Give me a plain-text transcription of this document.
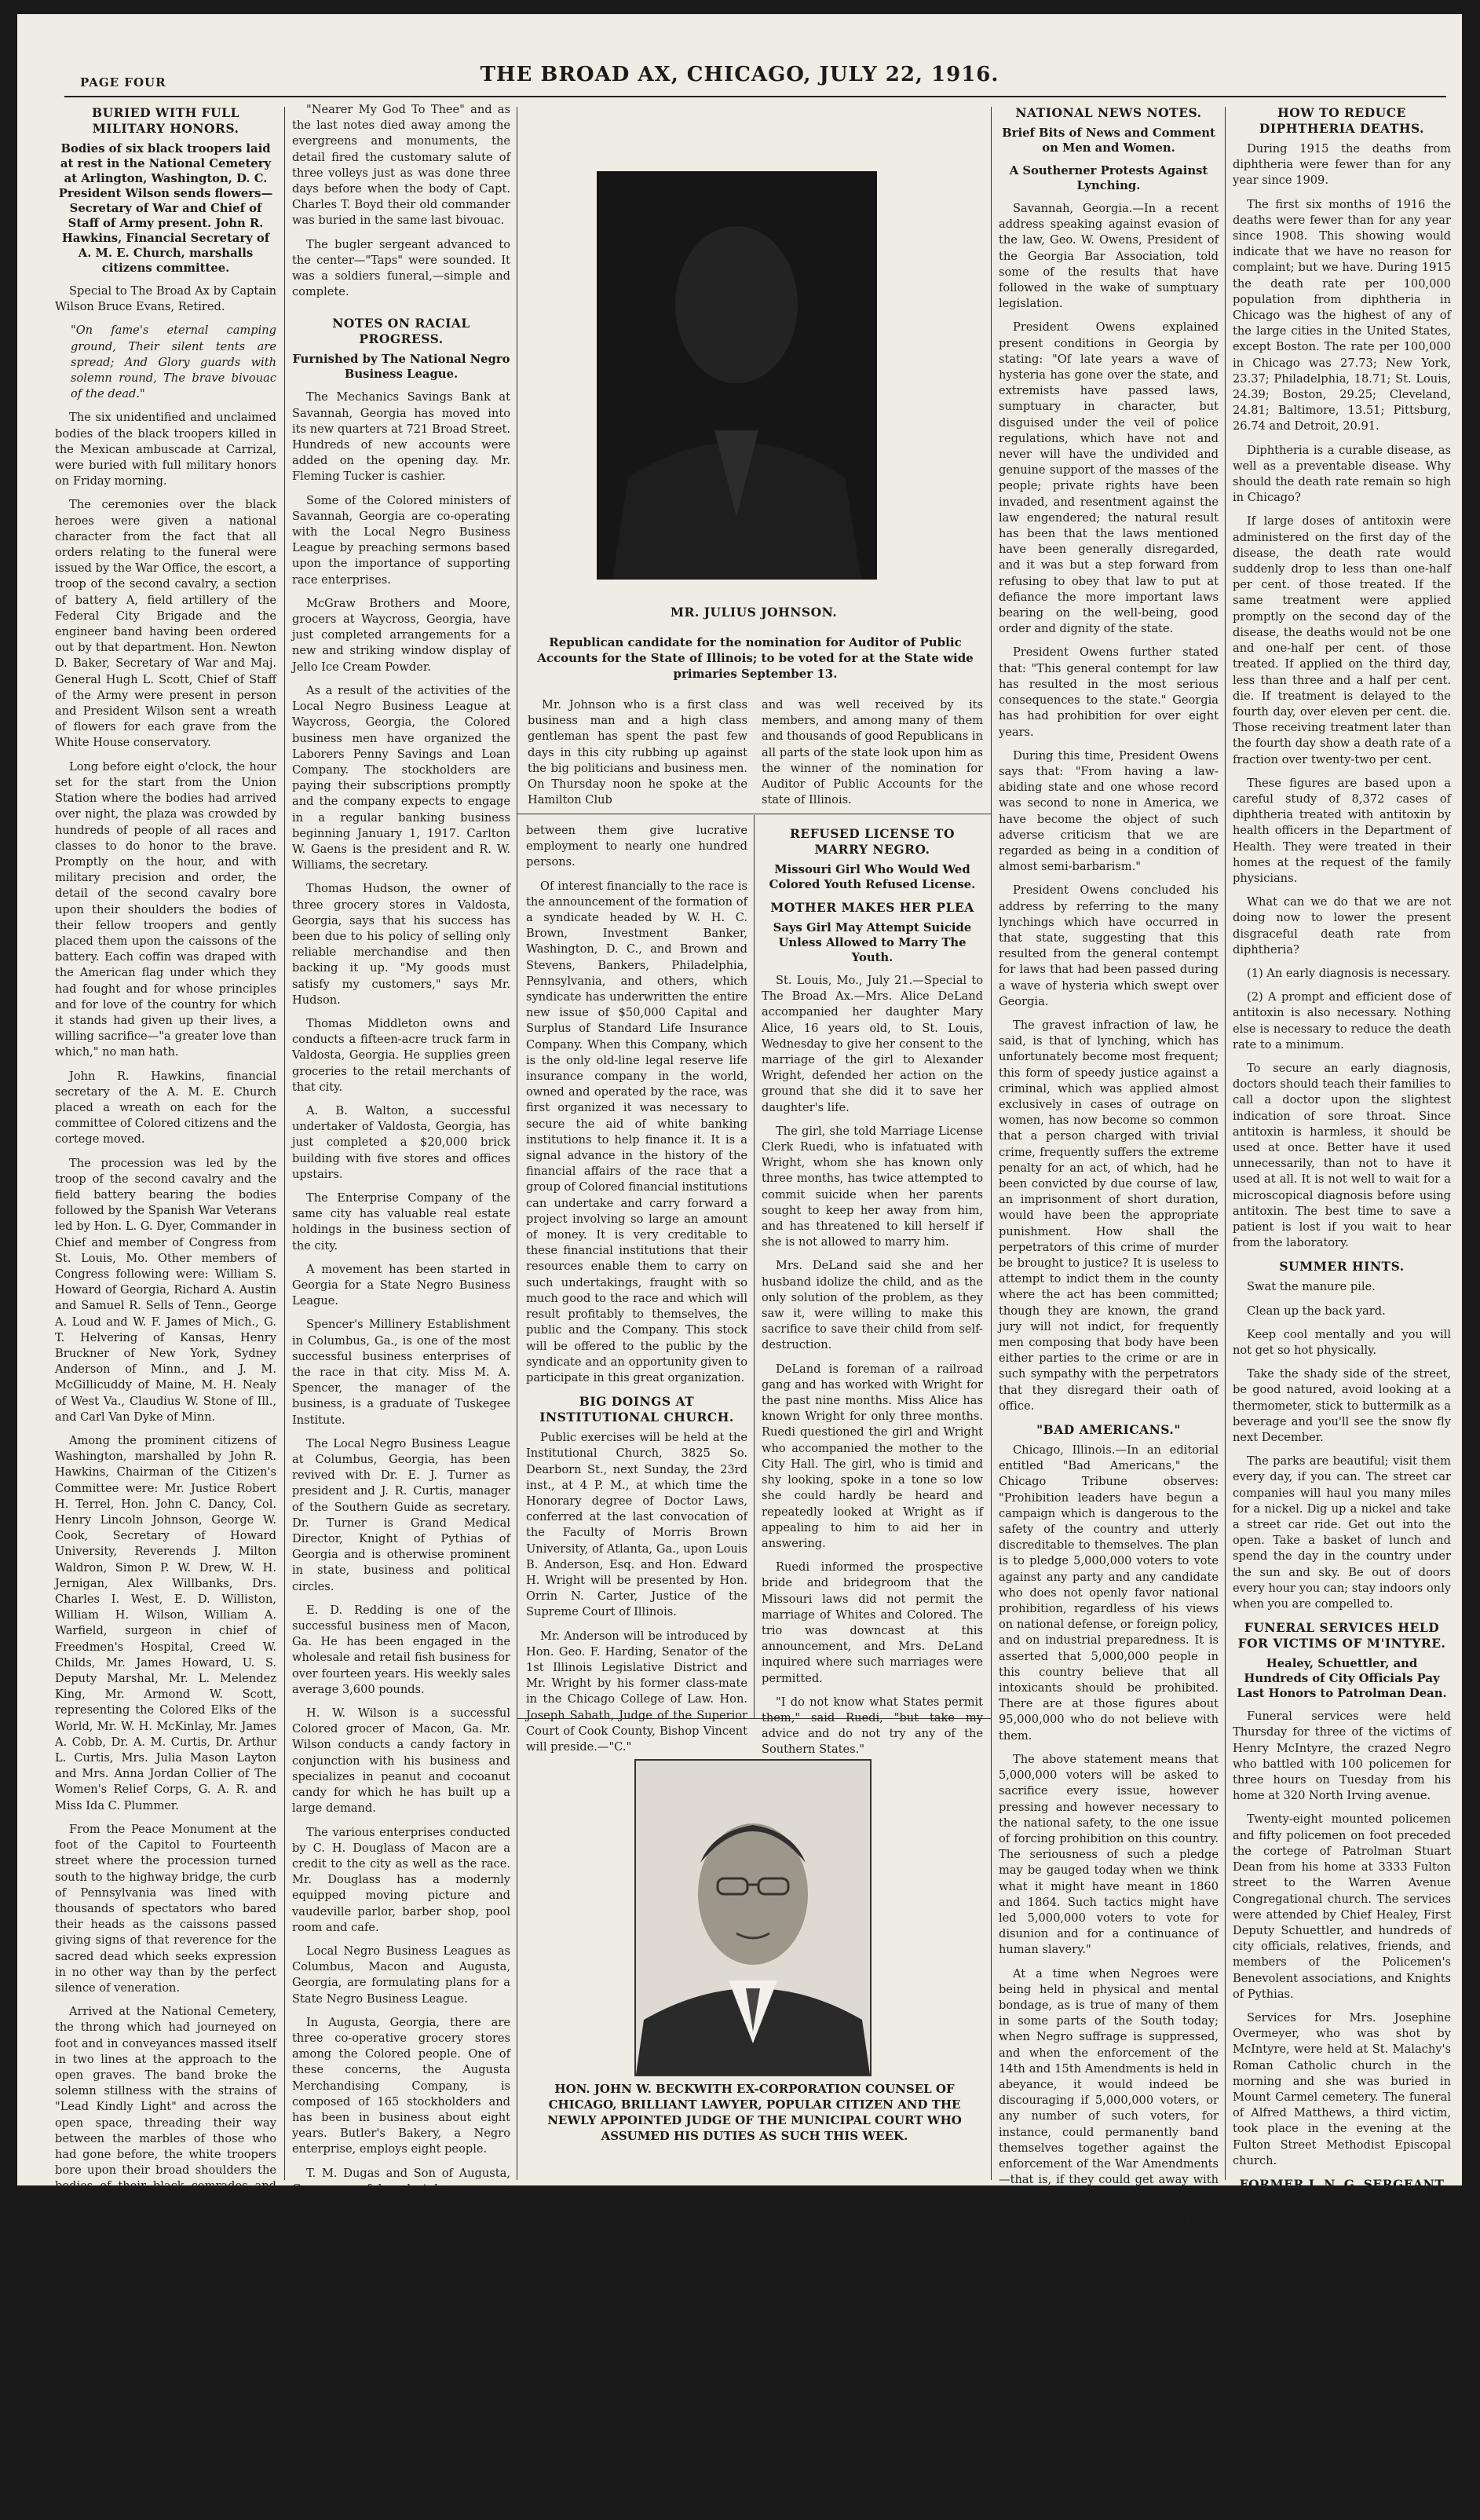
PAGE FOUR	THE BROAD AX, CHICAGO, JULY 22, 1916.
BURIED WITH FULL MILITARY HONORS.
Bodies of six black troopers laid at rest in the National Cemetery at Arlington, Washington, D. C. President Wilson sends flowers—Secretary of War and Chief of Staff of Army present. John R. Hawkins, Financial Secretary of A. M. E. Church, marshalls citizens committee.
Special to The Broad Ax by Captain Wilson Bruce Evans, Retired.
"On fame's eternal camping ground, Their silent tents are spread; And Glory guards with solemn round, The brave bivouac of the dead."
The six unidentified and unclaimed bodies of the black troopers killed in the Mexican ambuscade at Carrizal, were buried with full military honors on Friday morning.
The ceremonies over the black heroes were given a national character from the fact that all orders relating to the funeral were issued by the War Office, the escort, a troop of the second cavalry, a section of battery A, field artillery of the Federal City Brigade and the engineer band having been ordered out by that department. Hon. Newton D. Baker, Secretary of War and Maj. General Hugh L. Scott, Chief of Staff of the Army were present in person and President Wilson sent a wreath of flowers for each grave from the White House conservatory.
Long before eight o'clock, the hour set for the start from the Union Station where the bodies had arrived over night, the plaza was crowded by hundreds of people of all races and classes to do honor to the brave. Promptly on the hour, and with military precision and order, the detail of the second cavalry bore upon their shoulders the bodies of their fellow troopers and gently placed them upon the caissons of the battery. Each coffin was draped with the American flag under which they had fought and for whose principles and for love of the country for which it stands had given up their lives, a willing sacrifice—"a greater love than which," no man hath.
John R. Hawkins, financial secretary of the A. M. E. Church placed a wreath on each for the committee of Colored citizens and the cortege moved.
The procession was led by the troop of the second cavalry and the field battery bearing the bodies followed by the Spanish War Veterans led by Hon. L. G. Dyer, Commander in Chief and member of Congress from St. Louis, Mo. Other members of Congress following were: William S. Howard of Georgia, Richard A. Austin and Samuel R. Sells of Tenn., George A. Loud and W. F. James of Mich., G. T. Helvering of Kansas, Henry Bruckner of New York, Sydney Anderson of Minn., and J. M. McGillicuddy of Maine, M. H. Nealy of West Va., Claudius W. Stone of Ill., and Carl Van Dyke of Minn.
Among the prominent citizens of Washington, marshalled by John R. Hawkins, Chairman of the Citizen's Committee were: Mr. Justice Robert H. Terrel, Hon. John C. Dancy, Col. Henry Lincoln Johnson, George W. Cook, Secretary of Howard University, Reverends J. Milton Waldron, Simon P. W. Drew, W. H. Jernigan, Alex Willbanks, Drs. Charles I. West, E. D. Williston, William H. Wilson, William A. Warfield, surgeon in chief of Freedmen's Hospital, Creed W. Childs, Mr. James Howard, U. S. Deputy Marshal, Mr. L. Melendez King, Mr. Armond W. Scott, representing the Colored Elks of the World, Mr. W. H. McKinlay, Mr. James A. Cobb, Dr. A. M. Curtis, Dr. Arthur L. Curtis, Mrs. Julia Mason Layton and Mrs. Anna Jordan Collier of The Women's Relief Corps, G. A. R. and Miss Ida C. Plummer.
From the Peace Monument at the foot of the Capitol to Fourteenth street where the procession turned south to the highway bridge, the curb of Pennsylvania was lined with thousands of spectators who bared their heads as the caissons passed giving signs of that reverence for the sacred dead which seeks expression in no other way than by the perfect silence of veneration.
Arrived at the National Cemetery, the throng which had journeyed on foot and in conveyances massed itself in two lines at the approach to the open graves. The band broke the solemn stillness with the strains of "Lead Kindly Light" and across the open space, threading their way between the marbles of those who had gone before, the white troopers bore upon their broad shoulders the bodies of their black comrades and tenderly deposited them, each over his own grave—the tent whose flap ne'er swings outward.
The bodies placed, the troopers lined in front of the people. Every head was bared as Chaplain G. Livingstone Bayard of the U. S. Navy stepping from the side of the War Secretary and the Chief of Staff, advanced to the center of the six open graves, reading as he walked in clear and vibrant voice—"I am the resurrection and the life"—that beautiful and sublime burial service of the Episcopal Church whose soul subduing pathos was evidenced in the misty eyes of all when the—"earth to earth, ashes to ashes, dust to dust" was said with the lowering of each to his long home. The band played
"Nearer My God To Thee" and as the last notes died away among the evergreens and monuments, the detail fired the customary salute of three volleys just as was done three days before when the body of Capt. Charles T. Boyd their old commander was buried in the same last bivouac.
The bugler sergeant advanced to the center—"Taps" were sounded. It was a soldiers funeral,—simple and complete.
NOTES ON RACIAL PROGRESS.
Furnished by The National Negro Business League.
The Mechanics Savings Bank at Savannah, Georgia has moved into its new quarters at 721 Broad Street. Hundreds of new accounts were added on the opening day. Mr. Fleming Tucker is cashier.
Some of the Colored ministers of Savannah, Georgia are co-operating with the Local Negro Business League by preaching sermons based upon the importance of supporting race enterprises.
McGraw Brothers and Moore, grocers at Waycross, Georgia, have just completed arrangements for a new and striking window display of Jello Ice Cream Powder.
As a result of the activities of the Local Negro Business League at Waycross, Georgia, the Colored business men have organized the Laborers Penny Savings and Loan Company. The stockholders are paying their subscriptions promptly and the company expects to engage in a regular banking business beginning January 1, 1917. Carlton W. Gaens is the president and R. W. Williams, the secretary.
Thomas Hudson, the owner of three grocery stores in Valdosta, Georgia, says that his success has been due to his policy of selling only reliable merchandise and then backing it up. "My goods must satisfy my customers," says Mr. Hudson.
Thomas Middleton owns and conducts a fifteen-acre truck farm in Valdosta, Georgia. He supplies green groceries to the retail merchants of that city.
A. B. Walton, a successful undertaker of Valdosta, Georgia, has just completed a $20,000 brick building with five stores and offices upstairs.
The Enterprise Company of the same city has valuable real estate holdings in the business section of the city.
A movement has been started in Georgia for a State Negro Business League.
Spencer's Millinery Establishment in Columbus, Ga., is one of the most successful business enterprises of the race in that city. Miss M. A. Spencer, the manager of the business, is a graduate of Tuskegee Institute.
The Local Negro Business League at Columbus, Georgia, has been revived with Dr. E. J. Turner as president and J. R. Curtis, manager of the Southern Guide as secretary. Dr. Turner is Grand Medical Director, Knight of Pythias of Georgia and is otherwise prominent in state, business and political circles.
E. D. Redding is one of the successful business men of Macon, Ga. He has been engaged in the wholesale and retail fish business for over fourteen years. His weekly sales average 3,600 pounds.
H. W. Wilson is a successful Colored grocer of Macon, Ga. Mr. Wilson conducts a candy factory in conjunction with his business and specializes in peanut and cocoanut candy for which he has built up a large demand.
The various enterprises conducted by C. H. Douglass of Macon are a credit to the city as well as the race. Mr. Douglass has a modernly equipped moving picture and vaudeville parlor, barber shop, pool room and cafe.
Local Negro Business Leagues as Columbus, Macon and Augusta, Georgia, are formulating plans for a State Negro Business League.
In Augusta, Georgia, there are three co-operative grocery stores among the Colored people. One of these concerns, the Augusta Merchandising Company, is composed of 165 stockholders and has been in business about eight years. Butler's Bakery, a Negro enterprise, employs eight people.
T. M. Dugas and Son of Augusta, Ga., successful undertakers carry a stock, not including the three-story brick building, which is valued at $10,000.
The Pilgrim Health and Life Insurance Co., and the Georgia Mutual Insurance, of which W. S. Hornsby and Shewell respectively are managers have their home offices in Augusta, Ga., and
MR. JULIUS JOHNSON.
Republican candidate for the nomination for Auditor of Public Accounts for the State of Illinois; to be voted for at the State wide primaries September 13.
Mr. Johnson who is a first class business man and a high class gentleman has spent the past few days in this city rubbing up against the big politicians and business men. On Thursday noon he spoke at the Hamilton Club
and was well received by its members, and among many of them and thousands of good Republicans in all parts of the state look upon him as the winner of the nomination for Auditor of Public Accounts for the state of Illinois.
between them give lucrative employment to nearly one hundred persons.
Of interest financially to the race is the announcement of the formation of a syndicate headed by W. H. C. Brown, Investment Banker, Washington, D. C., and Brown and Stevens, Bankers, Philadelphia, Pennsylvania, and others, which syndicate has underwritten the entire new issue of $50,000 Capital and Surplus of Standard Life Insurance Company. When this Company, which is the only old-line legal reserve life insurance company in the world, owned and operated by the race, was first organized it was necessary to secure the aid of white banking institutions to help finance it. It is a signal advance in the history of the financial affairs of the race that a group of Colored financial institutions can undertake and carry forward a project involving so large an amount of money. It is very creditable to these financial institutions that their resources enable them to carry on such undertakings, fraught with so much good to the race and which will result profitably to themselves, the public and the Company. This stock will be offered to the public by the syndicate and an opportunity given to participate in this great organization.
BIG DOINGS AT INSTITUTIONAL CHURCH.
Public exercises will be held at the Institutional Church, 3825 So. Dearborn St., next Sunday, the 23rd inst., at 4 P. M., at which time the Honorary degree of Doctor Laws, conferred at the last convocation of the Faculty of Morris Brown University, of Atlanta, Ga., upon Louis B. Anderson, Esq. and Hon. Edward H. Wright will be presented by Hon. Orrin N. Carter, Justice of the Supreme Court of Illinois.
Mr. Anderson will be introduced by Hon. Geo. F. Harding, Senator of the 1st Illinois Legislative District and Mr. Wright by his former class-mate in the Chicago College of Law. Hon. Joseph Sabath, Judge of the Superior Court of Cook County, Bishop Vincent will preside.—"C."
REFUSED LICENSE TO MARRY NEGRO.
Missouri Girl Who Would Wed Colored Youth Refused License.
MOTHER MAKES HER PLEA
Says Girl May Attempt Suicide Unless Allowed to Marry The Youth.
St. Louis, Mo., July 21.—Special to The Broad Ax.—Mrs. Alice DeLand accompanied her daughter Mary Alice, 16 years old, to St. Louis, Wednesday to give her consent to the marriage of the girl to Alexander Wright, defended her action on the ground that she did it to save her daughter's life.
The girl, she told Marriage License Clerk Ruedi, who is infatuated with Wright, whom she has known only three months, has twice attempted to commit suicide when her parents sought to keep her away from him, and has threatened to kill herself if she is not allowed to marry him.
Mrs. DeLand said she and her husband idolize the child, and as the only solution of the problem, as they saw it, were willing to make this sacrifice to save their child from self-destruction.
DeLand is foreman of a railroad gang and has worked with Wright for the past nine months. Miss Alice has known Wright for only three months. Ruedi questioned the girl and Wright who accompanied the mother to the City Hall. The girl, who is timid and shy looking, spoke in a tone so low she could hardly be heard and repeatedly looked at Wright as if appealing to him to aid her in answering.
Ruedi informed the prospective bride and bridegroom that the Missouri laws did not permit the marriage of Whites and Colored. The trio was downcast at this announcement, and Mrs. DeLand inquired where such marriages were permitted.
"I do not know what States permit them," said Ruedi, "but take my advice and do not try any of the Southern States."
HON. JOHN W. BECKWITH EX-CORPORATION COUNSEL OF CHICAGO, BRILLIANT LAWYER, POPULAR CITIZEN AND THE NEWLY APPOINTED JUDGE OF THE MUNICIPAL COURT WHO ASSUMED HIS DUTIES AS SUCH THIS WEEK.
NATIONAL NEWS NOTES.
Brief Bits of News and Comment on Men and Women.
A Southerner Protests Against Lynching.
Savannah, Georgia.—In a recent address speaking against evasion of the law, Geo. W. Owens, President of the Georgia Bar Association, told some of the results that have followed in the wake of sumptuary legislation.
President Owens explained present conditions in Georgia by stating: "Of late years a wave of hysteria has gone over the state, and extremists have passed laws, sumptuary in character, but disguised under the veil of police regulations, which have not and never will have the undivided and genuine support of the masses of the people; private rights have been invaded, and resentment against the law engendered; the natural result has been that the laws mentioned have been generally disregarded, and it was but a step forward from refusing to obey that law to put at defiance the more important laws bearing on the well-being, good order and dignity of the state.
President Owens further stated that: "This general contempt for law has resulted in the most serious consequences to the state." Georgia has had prohibition for over eight years.
During this time, President Owens says that: "From having a law-abiding state and one whose record was second to none in America, we have become the object of such adverse criticism that we are regarded as being in a condition of almost semi-barbarism."
President Owens concluded his address by referring to the many lynchings which have occurred in that state, suggesting that this resulted from the general contempt for laws that had been passed during a wave of hysteria which swept over Georgia.
The gravest infraction of law, he said, is that of lynching, which has unfortunately become most frequent; this form of speedy justice against a criminal, which was applied almost exclusively in cases of outrage on women, has now become so common that a person charged with trivial crime, frequently suffers the extreme penalty for an act, of which, had he been convicted by due course of law, an imprisonment of short duration, would have been the appropriate punishment. How shall the perpetrators of this crime of murder be brought to justice? It is useless to attempt to indict them in the county where the act has been committed; though they are known, the grand jury will not indict, for frequently men composing that body have been either parties to the crime or are in such sympathy with the perpetrators that they disregard their oath of office.
"BAD AMERICANS."
Chicago, Illinois.—In an editorial entitled "Bad Americans," the Chicago Tribune observes: "Prohibition leaders have begun a campaign which is dangerous to the safety of the country and utterly discreditable to themselves. The plan is to pledge 5,000,000 voters to vote against any party and any candidate who does not openly favor national prohibition, regardless of his views on national defense, or foreign policy, and on industrial preparedness. It is asserted that 5,000,000 people in this country believe that all intoxicants should be prohibited. There are at those figures about 95,000,000 who do not believe with them.
The above statement means that 5,000,000 voters will be asked to sacrifice every issue, however pressing and however necessary to the national safety, to the one issue of forcing prohibition on this country. The seriousness of such a pledge may be gauged today when we think what it might have meant in 1860 and 1864. Such tactics might have led 5,000,000 voters to vote for disunion and for a continuance of human slavery."
At a time when Negroes were being held in physical and mental bondage, as is true of many of them in some parts of the South today; when Negro suffrage is suppressed, and when the enforcement of the 14th and 15th Amendments is held in abeyance, it would indeed be discouraging if 5,000,000 voters, or any number of such voters, for instance, could permanently band themselves together against the enforcement of the War Amendments—that is, if they could get away with it!
ALPHA SUFFRAGE CLUB.
The Alpha Suffrage Club held a most successful lawn fete on the spacious lawn of the Y. W. C. A. Wednesday evening, July 19th. Many novel features were introduced and the Ways and Means Committee under the leadership of Dr. Emanuel feels that the movement was a great social as well as a financial success. Next meeting of the club will be a business one, the first Wednesday in August at the Reading Room, 3005 State St., at which time plans for annual outing will be presented.
Mrs. Ida B. Wells Barnett, Pres.
HOW TO REDUCE DIPHTHERIA DEATHS.
During 1915 the deaths from diphtheria were fewer than for any year since 1909.
The first six months of 1916 the deaths were fewer than for any year since 1908. This showing would indicate that we have no reason for complaint; but we have. During 1915 the death rate per 100,000 population from diphtheria in Chicago was the highest of any of the large cities in the United States, except Boston. The rate per 100,000 in Chicago was 27.73; New York, 23.37; Philadelphia, 18.71; St. Louis, 24.39; Boston, 29.25; Cleveland, 24.81; Baltimore, 13.51; Pittsburg, 26.74 and Detroit, 20.91.
Diphtheria is a curable disease, as well as a preventable disease. Why should the death rate remain so high in Chicago?
If large doses of antitoxin were administered on the first day of the disease, the death rate would suddenly drop to less than one-half per cent. of those treated. If the same treatment were applied promptly on the second day of the disease, the deaths would not be one and one-half per cent. of those treated. If applied on the third day, less than three and a half per cent. die. If treatment is delayed to the fourth day, over eleven per cent. die. Those receiving treatment later than the fourth day show a death rate of a fraction over twenty-two per cent.
These figures are based upon a careful study of 8,372 cases of diphtheria treated with antitoxin by health officers in the Department of Health. They were treated in their homes at the request of the family physicians.
What can we do that we are not doing now to lower the present disgraceful death rate from diphtheria?
(1) An early diagnosis is necessary.
(2) A prompt and efficient dose of antitoxin is also necessary. Nothing else is necessary to reduce the death rate to a minimum.
To secure an early diagnosis, doctors should teach their families to call a doctor upon the slightest indication of sore throat. Since antitoxin is harmless, it should be used at once. Better have it used unnecessarily, than not to have it used at all. It is not well to wait for a microscopical diagnosis before using antitoxin. The best time to save a patient is lost if you wait to hear from the laboratory.
SUMMER HINTS.
Swat the manure pile.
Clean up the back yard.
Keep cool mentally and you will not get so hot physically.
Take the shady side of the street, be good natured, avoid looking at a thermometer, stick to buttermilk as a beverage and you'll see the snow fly next December.
The parks are beautiful; visit them every day, if you can. The street car companies will haul you many miles for a nickel. Dig up a nickel and take a street car ride. Get out into the open. Take a basket of lunch and spend the day in the country under the sun and sky. Be out of doors every hour you can; stay indoors only when you are compelled to.
FUNERAL SERVICES HELD FOR VICTIMS OF M'INTYRE.
Healey, Schuettler, and Hundreds of City Officials Pay Last Honors to Patrolman Dean.
Funeral services were held Thursday for three of the victims of Henry McIntyre, the crazed Negro who battled with 100 policemen for three hours on Tuesday from his home at 320 North Irving avenue.
Twenty-eight mounted policemen and fifty policemen on foot preceded the cortege of Patrolman Stuart Dean from his home at 3333 Fulton street to the Warren Avenue Congregational church. The services were attended by Chief Healey, First Deputy Schuettler, and hundreds of city officials, relatives, friends, and members of the Policemen's Benevolent associations, and Knights of Pythias.
Services for Mrs. Josephine Overmeyer, who was shot by McIntyre, were held at St. Malachy's Roman Catholic church in the morning and she was buried in Mount Carmel cemetery. The funeral of Alfred Matthews, a third victim, took place in the evening at the Fulton Street Methodist Episcopal church.
FORMER I. N. G. SERGEANT STOLE PISTOL TO ROB.
Judge Sentenced Robert E. Hall to Indeterminate Term for Holding up Druggist.
Robert E. Hall, who confessed that the army automatic he used in holding up five drug stores was one he stole from the First cavalry, of which he was at one time a sergeant, was sentenced to an indeterminate term at the Pontiac reformatory by Judge Barrett Thursday.
Hall was arrested after a chase of nearly a mile by Patrol Sergeant Maurice A. Crotty, who is 57 years old. The court pointed to Sergt. Crotty as an example of the value of the older men to the police force.
